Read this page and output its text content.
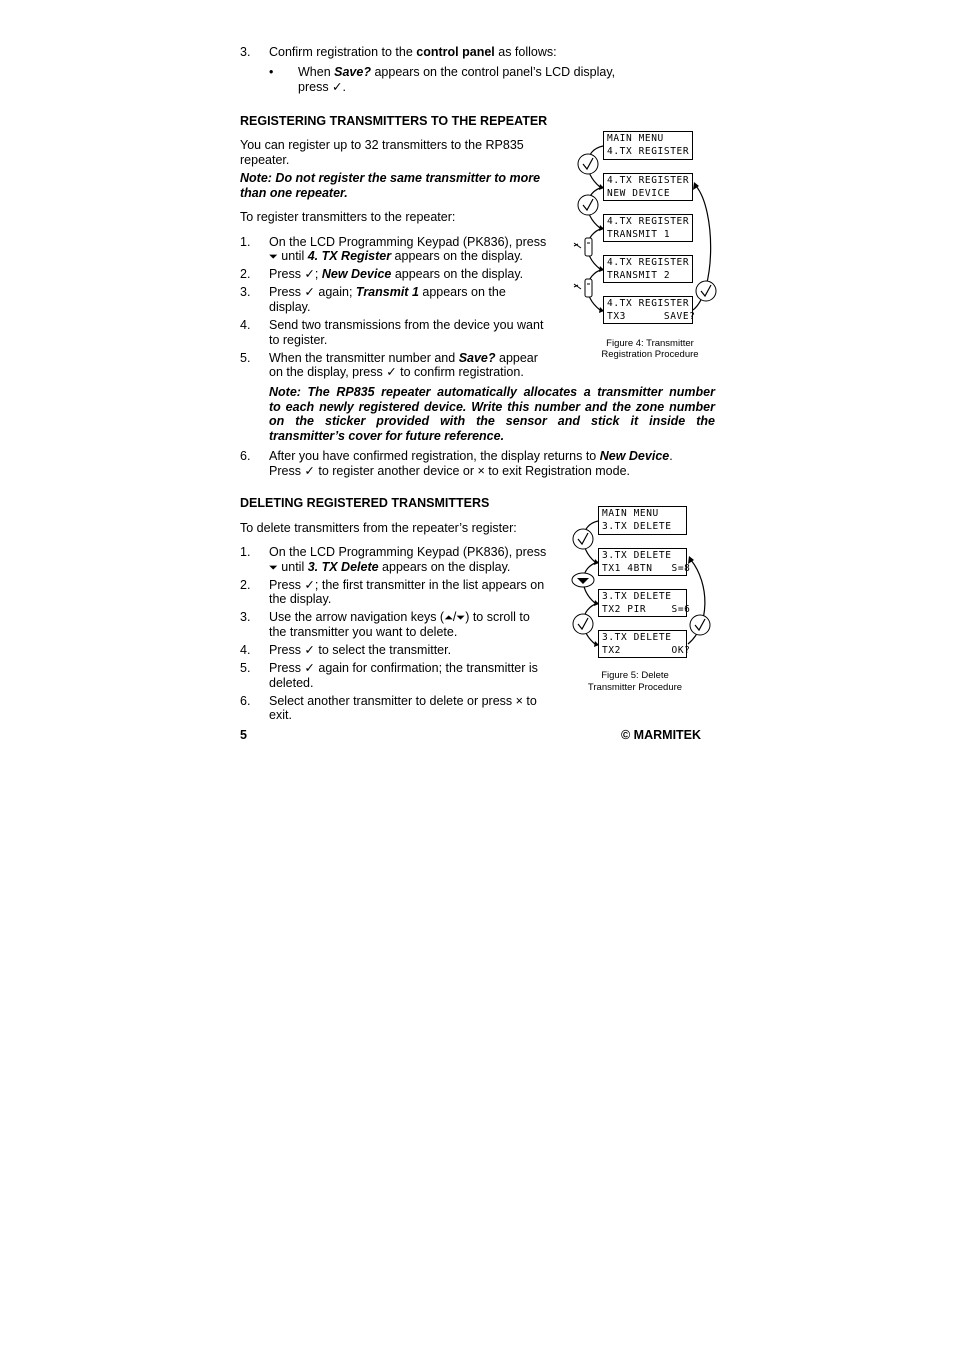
3. Confirm registration to the control panel as follows:
• When Save? appears on the control panel’s LCD display,
press ✓.
REGISTERING TRANSMITTERS TO THE REPEATER
You can register up to 32 transmitters to the RP835
repeater.
Note: Do not register the same transmitter to more
than one repeater.
To register transmitters to the repeater:
1. On the LCD Programming Keypad (PK836), press
⏷ until 4. TX Register appears on the display.
2. Press ✓; New Device appears on the display.
3. Press ✓ again; Transmit 1 appears on the
display.
4. Send two transmissions from the device you want
to register.
5. When the transmitter number and Save? appear
on the display, press ✓ to confirm registration.
Note: The RP835 repeater automatically allocates a transmitter number
to each newly registered device. Write this number and the zone number
on the sticker provided with the sensor and stick it inside the
transmitter’s cover for future reference.
6. After you have confirmed registration, the display returns to New Device.
Press ✓ to register another device or × to exit Registration mode.
MAIN MENU
4.TX REGISTER
4.TX REGISTER
NEW DEVICE
4.TX REGISTER
TRANSMIT 1
4.TX REGISTER
TRANSMIT 2
4.TX REGISTER
TX3      SAVE?
Figure 4: Transmitter
Registration Procedure
DELETING REGISTERED TRANSMITTERS
To delete transmitters from the repeater’s register:
1. On the LCD Programming Keypad (PK836), press
⏷ until 3. TX Delete appears on the display.
2. Press ✓; the first transmitter in the list appears on
the display.
3. Use the arrow navigation keys (⏶/⏷) to scroll to
the transmitter you want to delete.
4. Press ✓ to select the transmitter.
5. Press ✓ again for confirmation; the transmitter is
deleted.
6. Select another transmitter to delete or press × to
exit.
MAIN MENU
3.TX DELETE
3.TX DELETE
TX1 4BTN   S=8
3.TX DELETE
TX2 PIR    S=6
3.TX DELETE
TX2        OK?
Figure 5: Delete
Transmitter Procedure
5	© MARMITEK
